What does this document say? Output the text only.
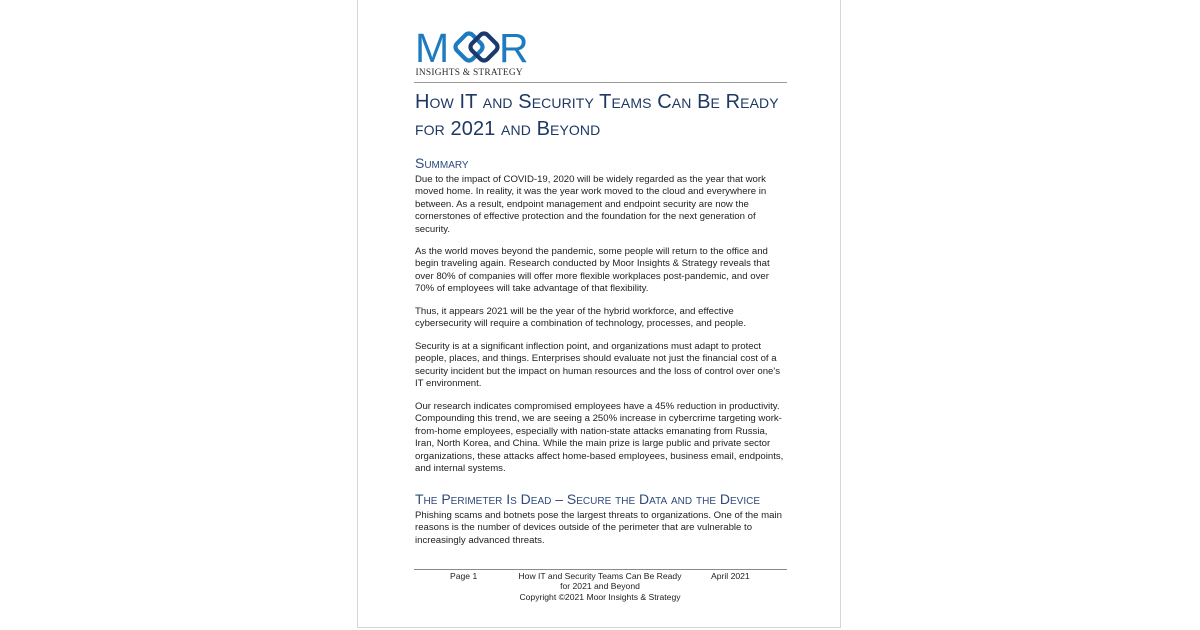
M R
INSIGHTS & STRATEGY
How IT and Security Teams Can Be Ready
for 2021 and Beyond
Summary

Due to the impact of COVID-19, 2020 will be widely regarded as the year that work
moved home. In reality, it was the year work moved to the cloud and everywhere in
between. As a result, endpoint management and endpoint security are now the
cornerstones of effective protection and the foundation for the next generation of
security.

As the world moves beyond the pandemic, some people will return to the office and
begin traveling again. Research conducted by Moor Insights & Strategy reveals that
over 80% of companies will offer more flexible workplaces post-pandemic, and over
70% of employees will take advantage of that flexibility.

Thus, it appears 2021 will be the year of the hybrid workforce, and effective
cybersecurity will require a combination of technology, processes, and people.

Security is at a significant inflection point, and organizations must adapt to protect
people, places, and things. Enterprises should evaluate not just the financial cost of a
security incident but the impact on human resources and the loss of control over one's
IT environment.

Our research indicates compromised employees have a 45% reduction in productivity.
Compounding this trend, we are seeing a 250% increase in cybercrime targeting work-
from-home employees, especially with nation-state attacks emanating from Russia,
Iran, North Korea, and China. While the main prize is large public and private sector
organizations, these attacks affect home-based employees, business email, endpoints,
and internal systems.

The Perimeter Is Dead – Secure the Data and the Device

Phishing scams and botnets pose the largest threats to organizations. One of the main
reasons is the number of devices outside of the perimeter that are vulnerable to
increasingly advanced threats.

Page 1	How IT and Security Teams Can Be Ready
for 2021 and Beyond
Copyright ©2021 Moor Insights & Strategy
April 2021
